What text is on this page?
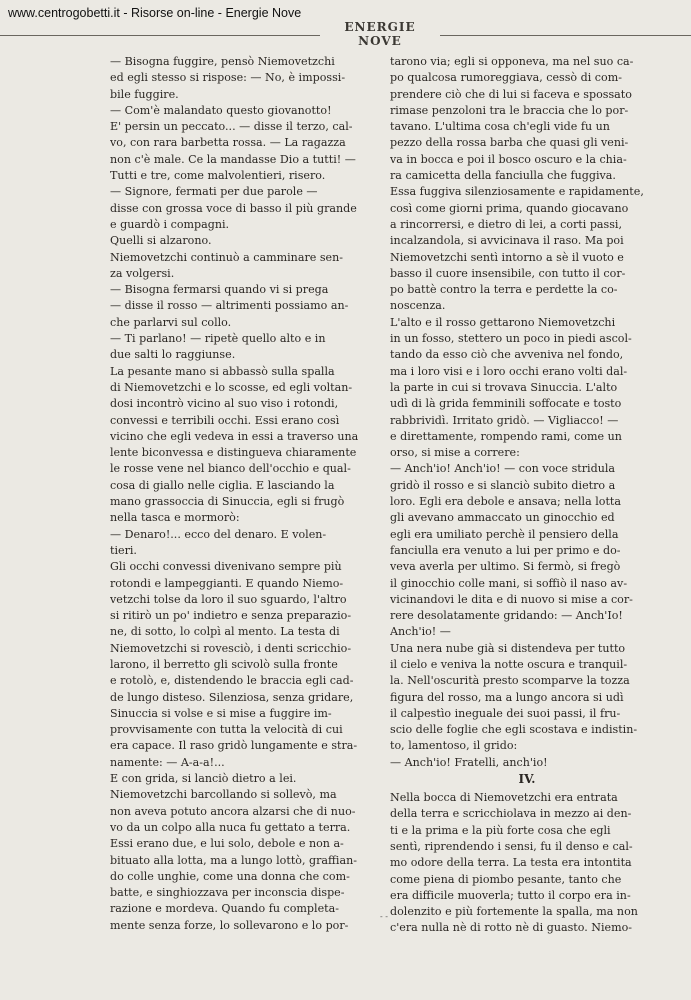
www.centrogobetti.it - Risorse on-line - Energie Nove
ENERGIE NOVE
— Bisogna fuggire, pensò Niemovetzchi
ed egli stesso si rispose: — No, è impossi-
bile fuggire.
— Com'è malandato questo giovanotto!
E' persin un peccato... — disse il terzo, cal-
vo, con rara barbetta rossa. — La ragazza
non c'è male. Ce la mandasse Dio a tutti! —
Tutti e tre, come malvolentieri, risero.
— Signore, fermati per due parole —
disse con grossa voce di basso il più grande
e guardò i compagni.
Quelli si alzarono.
Niemovetzchi continuò a camminare sen-
za volgersi.
— Bisogna fermarsi quando vi si prega
— disse il rosso — altrimenti possiamo an-
che parlarvi sul collo.
— Ti parlano! — ripetè quello alto e in
due salti lo raggiunse.
La pesante mano si abbassò sulla spalla
di Niemovetzchi e lo scosse, ed egli voltan-
dosi incontrò vicino al suo viso i rotondi,
convessi e terribili occhi. Essi erano così
vicino che egli vedeva in essi a traverso una
lente biconvessa e distingueva chiaramente
le rosse vene nel bianco dell'occhio e qual-
cosa di giallo nelle ciglia. E lasciando la
mano grassoccia di Sinuccia, egli si frugò
nella tasca e mormorò:
— Denaro!... ecco del denaro. E volen-
tieri.
Gli occhi convessi divenivano sempre più
rotondi e lampeggianti. E quando Niemo-
vetzchi tolse da loro il suo sguardo, l'altro
si ritirò un po' indietro e senza preparazio-
ne, di sotto, lo colpì al mento. La testa di
Niemovetzchi si rovesciò, i denti scricchio-
larono, il berretto gli scivolò sulla fronte
e rotolò, e, distendendo le braccia egli cad-
de lungo disteso. Silenziosa, senza gridare,
Sinuccia si volse e si mise a fuggire im-
provvisamente con tutta la velocità di cui
era capace. Il raso gridò lungamente e stra-
namente: — A-a-a!...
E con grida, si lanciò dietro a lei.
Niemovetzchi barcollando si sollevò, ma
non aveva potuto ancora alzarsi che di nuo-
vo da un colpo alla nuca fu gettato a terra.
Essi erano due, e lui solo, debole e non a-
bituato alla lotta, ma a lungo lottò, graffian-
do colle unghie, come una donna che com-
batte, e singhiozzava per inconscia dispe-
razione e mordeva. Quando fu completa-
mente senza forze, lo sollevarono e lo por-
tarono via; egli si opponeva, ma nel suo ca-
po qualcosa rumoreggiava, cessò di com-
prendere ciò che di lui si faceva e spossato
rimase penzoloni tra le braccia che lo por-
tavano. L'ultima cosa ch'egli vide fu un
pezzo della rossa barba che quasi gli veni-
va in bocca e poi il bosco oscuro e la chia-
ra camicetta della fanciulla che fuggiva.
Essa fuggiva silenziosamente e rapidamente,
così come giorni prima, quando giocavano
a rincorrersi, e dietro di lei, a corti passi,
incalzandola, si avvicinava il raso. Ma poi
Niemovetzchi sentì intorno a sè il vuoto e
basso il cuore insensibile, con tutto il cor-
po battè contro la terra e perdette la co-
noscenza.
L'alto e il rosso gettarono Niemovetzchi
in un fosso, stettero un poco in piedi ascol-
tando da esso ciò che avveniva nel fondo,
ma i loro visi e i loro occhi erano volti dal-
la parte in cui si trovava Sinuccia. L'alto
udì di là grida femminili soffocate e tosto
rabbrividì. Irritato gridò. — Vigliacco! —
e direttamente, rompendo rami, come un
orso, si mise a correre:
— Anch'io! Anch'io! — con voce stridula
gridò il rosso e si slanciò subito dietro a
loro. Egli era debole e ansava; nella lotta
gli avevano ammaccato un ginocchio ed
egli era umiliato perchè il pensiero della
fanciulla era venuto a lui per primo e do-
veva averla per ultimo. Si fermò, si fregò
il ginocchio colle mani, si soffiò il naso av-
vicinandovi le dita e di nuovo si mise a cor-
rere desolatamente gridando: — Anch'Io!
Anch'io! —
Una nera nube già si distendeva per tutto
il cielo e veniva la notte oscura e tranquil-
la. Nell'oscurità presto scomparve la tozza
figura del rosso, ma a lungo ancora si udì
il calpestìo ineguale dei suoi passi, il fru-
scio delle foglie che egli scostava e indistin-
to, lamentoso, il grido:
— Anch'io! Fratelli, anch'io!
IV.
Nella bocca di Niemovetzchi era entrata
della terra e scricchiolava in mezzo ai den-
ti e la prima e la più forte cosa che egli
sentì, riprendendo i sensi, fu il denso e cal-
mo odore della terra. La testa era intontita
come piena di piombo pesante, tanto che
era difficile muoverla; tutto il corpo era in-
dolenzito e più fortemente la spalla, ma non
c'era nulla nè di rotto nè di guasto. Niemo-
- -
